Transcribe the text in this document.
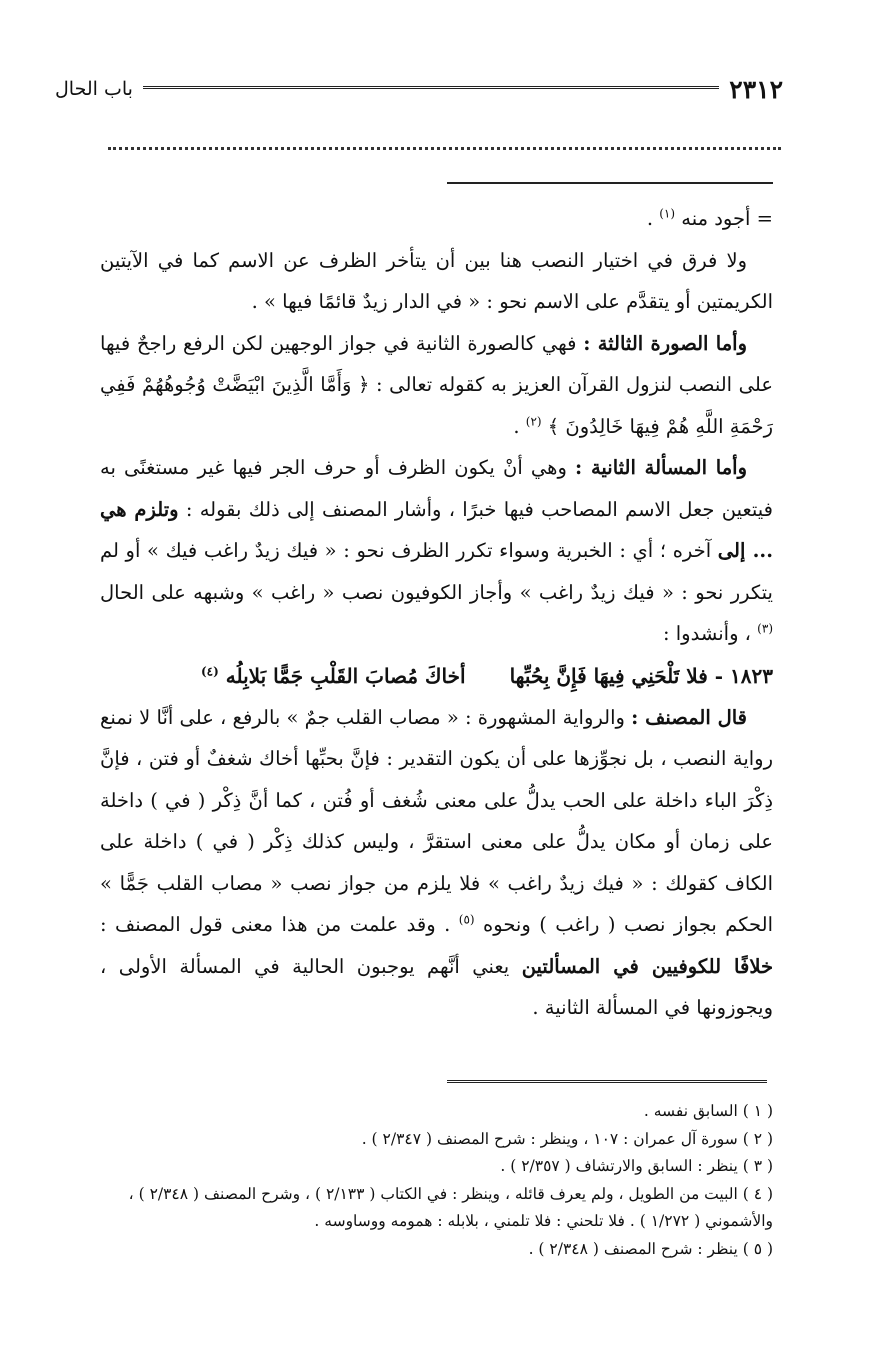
٢٣١٢
باب الحال

= أجود منه $^{(١)}$ .

ولا فرق في اختيار النصب هنا بين أن يتأخر الظرف عن الاسم كما في الآيتين الكريمتين أو يتقدَّم على الاسم نحو : « في الدار زيدٌ قائمًا فيها » .

وأما الصورة الثالثة : فهي كالصورة الثانية في جواز الوجهين لكن الرفع راجحٌ فيها على النصب لنزول القرآن العزيز به كقوله تعالى : ﴿ وَأَمَّا الَّذِينَ ابْيَضَّتْ وُجُوهُهُمْ فَفِي رَحْمَةِ اللَّهِ هُمْ فِيهَا خَالِدُونَ ﴾ $^{(٢)}$ .

وأما المسألة الثانية : وهي أنْ يكون الظرف أو حرف الجر فيها غير مستغنًى به فيتعين جعل الاسم المصاحب فيها خبرًا ، وأشار المصنف إلى ذلك بقوله : وتلزم هي ... إلى آخره ؛ أي : الخبرية وسواء تكرر الظرف نحو : « فيك زيدٌ راغب فيك » أو لم يتكرر نحو : « فيك زيدٌ راغب » وأجاز الكوفيون نصب « راغب » وشبهه على الحال $^{(٣)}$ ، وأنشدوا :

١٨٢٣ - فلا تَلْحَنِي فِيهَا فَإِنَّ بِحُبِّهاأخاكَ مُصابَ القَلْبِ جَمًّا بَلابِلُه $^{(٤)}$

قال المصنف : والرواية المشهورة : « مصاب القلب جمٌ » بالرفع ، على أنَّا لا نمنع رواية النصب ، بل نجوِّزها على أن يكون التقدير : فإنَّ بحبِّها أخاك شغفٌ أو فتن ، فإنَّ ذِكْرَ الباء داخلة على الحب يدلُّ على معنى شُغف أو فُتن ، كما أنَّ ذِكْر ( في ) داخلة على زمان أو مكان يدلُّ على معنى استقرَّ ، وليس كذلك ذِكْر ( في ) داخلة على الكاف كقولك : « فيك زيدٌ راغب » فلا يلزم من جواز نصب « مصاب القلب جَمًّا » الحكم بجواز نصب ( راغب ) ونحوه $^{(٥)}$ . وقد علمت من هذا معنى قول المصنف : خلافًا للكوفيين في المسألتين يعني أنَّهم يوجبون الحالية في المسألة الأولى ، ويجوزونها في المسألة الثانية .

( ١ ) السابق نفسه .

( ٢ ) سورة آل عمران : ١٠٧ ، وينظر : شرح المصنف ( ٢/٣٤٧ ) .

( ٣ ) ينظر : السابق والارتشاف ( ٢/٣٥٧ ) .

( ٤ ) البيت من الطويل ، ولم يعرف قائله ، وينظر : في الكتاب ( ٢/١٣٣ ) ، وشرح المصنف ( ٢/٣٤٨ ) ،

والأشموني ( ١/٢٧٢ ) . فلا تلحني : فلا تلمني ، بلابله : همومه ووساوسه .

( ٥ ) ينظر : شرح المصنف ( ٢/٣٤٨ ) .
